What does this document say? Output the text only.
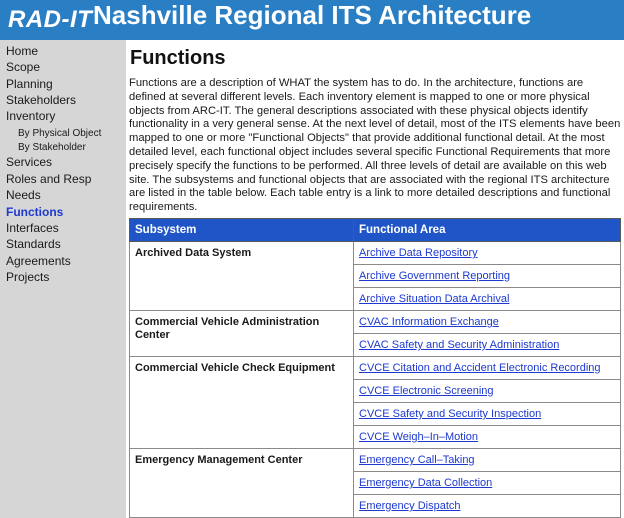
RAD-IT Nashville Regional ITS Architecture
Home
Scope
Planning
Stakeholders
Inventory
By Physical Object
By Stakeholder
Services
Roles and Resp
Needs
Functions
Interfaces
Standards
Agreements
Projects
Functions

Functions are a description of WHAT the system has to do. In the architecture, functions are defined at several different levels. Each inventory element is mapped to one or more physical objects from ARC-IT. The general descriptions associated with these physical objects identify functionality in a very general sense. At the next level of detail, most of the ITS elements have been mapped to one or more "Functional Objects" that provide additional functional detail. At the most detailed level, each functional object includes several specific Functional Requirements that more precisely specify the functions to be performed. All three levels of detail are available on this web site. The subsystems and functional objects that are associated with the regional ITS architecture are listed in the table below. Each table entry is a link to more detailed descriptions and functional requirements.

Subsystem	Functional Area
Archived Data System	Archive Data Repository
	Archive Government Reporting
	Archive Situation Data Archival
Commercial Vehicle Administration Center	CVAC Information Exchange
	CVAC Safety and Security Administration
Commercial Vehicle Check Equipment	CVCE Citation and Accident Electronic Recording
	CVCE Electronic Screening
	CVCE Safety and Security Inspection
	CVCE Weigh–In–Motion
Emergency Management Center	Emergency Call–Taking
	Emergency Data Collection
	Emergency Dispatch
